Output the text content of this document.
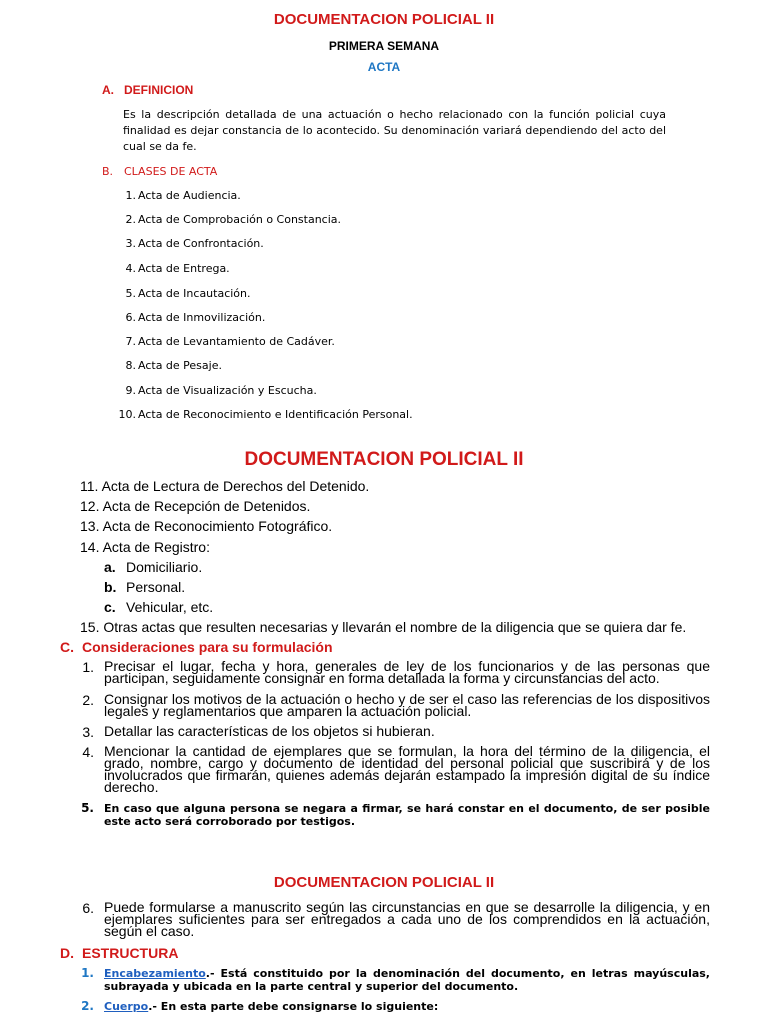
DOCUMENTACION POLICIAL II
PRIMERA SEMANA
ACTA
A. DEFINICION
Es la descripción detallada de una actuación o hecho relacionado con la función policial cuya finalidad es dejar constancia de lo acontecido. Su denominación variará dependiendo del acto del cual se da fe.
B. CLASES DE ACTA
1. Acta de Audiencia.
2. Acta de Comprobación o Constancia.
3. Acta de Confrontación.
4. Acta de Entrega.
5. Acta de Incautación.
6. Acta de Inmovilización.
7. Acta de Levantamiento de Cadáver.
8. Acta de Pesaje.
9. Acta de Visualización y Escucha.
10. Acta de Reconocimiento e Identificación Personal.
DOCUMENTACION POLICIAL II
11. Acta de Lectura de Derechos del Detenido.
12. Acta de Recepción de Detenidos.
13. Acta de Reconocimiento Fotográfico.
14. Acta de Registro:
a. Domiciliario.
b. Personal.
c. Vehicular, etc.
15. Otras actas que resulten necesarias y llevarán el nombre de la diligencia que se quiera dar fe.
C. Consideraciones para su formulación
1. Precisar el lugar, fecha y hora, generales de ley de los funcionarios y de las personas que participan, seguidamente consignar en forma detallada la forma y circunstancias del acto.
2. Consignar los motivos de la actuación o hecho y de ser el caso las referencias de los dispositivos legales y reglamentarios que amparen la actuación policial.
3. Detallar las características de los objetos si hubieran.
4. Mencionar la cantidad de ejemplares que se formulan, la hora del término de la diligencia, el grado, nombre, cargo y documento de identidad del personal policial que suscribirá y de los involucrados que firmarán, quienes además dejarán estampado la impresión digital de su índice derecho.
5. En caso que alguna persona se negara a firmar, se hará constar en el documento, de ser posible este acto será corroborado por testigos.
DOCUMENTACION POLICIAL II
6. Puede formularse a manuscrito según las circunstancias en que se desarrolle la diligencia, y en ejemplares suficientes para ser entregados a cada uno de los comprendidos en la actuación, según el caso.
D. ESTRUCTURA
1. Encabezamiento.- Está constituido por la denominación del documento, en letras mayúsculas, subrayada y ubicada en la parte central y superior del documento.
2. Cuerpo.- En esta parte debe consignarse lo siguiente:
